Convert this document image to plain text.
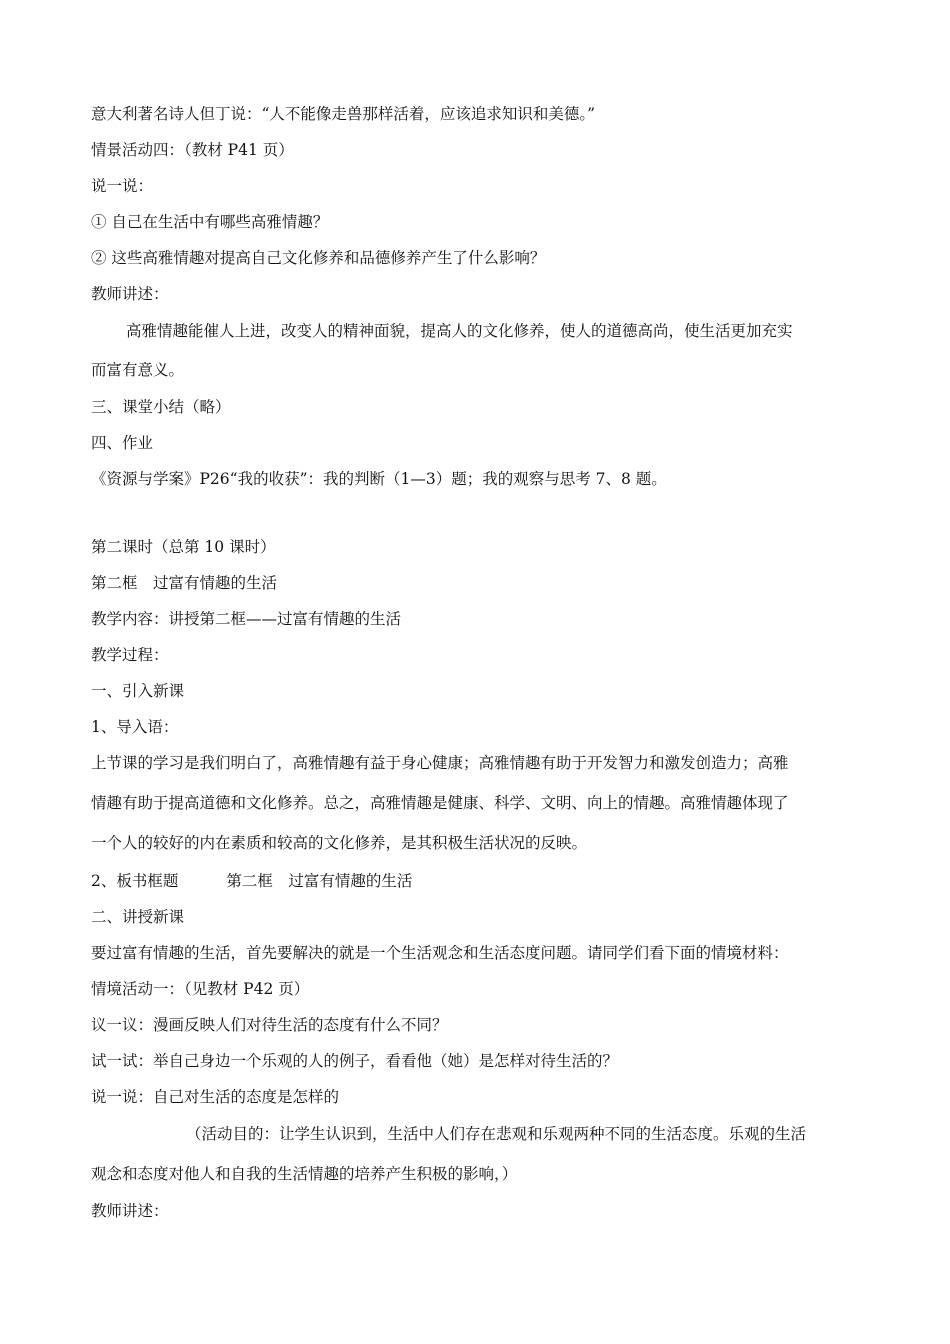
意大利著名诗人但丁说：“人不能像走兽那样活着，应该追求知识和美德。”
情景活动四：（教材 P41 页）
说一说：
① 自己在生活中有哪些高雅情趣？
② 这些高雅情趣对提高自己文化修养和品德修养产生了什么影响？
教师讲述：
高雅情趣能催人上进，改变人的精神面貌，提高人的文化修养，使人的道德高尚，使生活更加充实
而富有意义。
三、课堂小结（略）
四、作业
《资源与学案》P26“我的收获”：我的判断（1—3）题；我的观察与思考 7、8 题。
第二课时（总第 10 课时）
第二框　过富有情趣的生活
教学内容：讲授第二框——过富有情趣的生活
教学过程：
一、引入新课
1、导入语：
上节课的学习是我们明白了，高雅情趣有益于身心健康；高雅情趣有助于开发智力和激发创造力；高雅
情趣有助于提高道德和文化修养。总之，高雅情趣是健康、科学、文明、向上的情趣。高雅情趣体现了
一个人的较好的内在素质和较高的文化修养，是其积极生活状况的反映。
2、板书框题	第二框　过富有情趣的生活
二、讲授新课
要过富有情趣的生活，首先要解决的就是一个生活观念和生活态度问题。请同学们看下面的情境材料：
情境活动一：（见教材 P42 页）
议一议：漫画反映人们对待生活的态度有什么不同？
试一试：举自己身边一个乐观的人的例子，看看他（她）是怎样对待生活的？
说一说：自己对生活的态度是怎样的
（活动目的：让学生认识到，生活中人们存在悲观和乐观两种不同的生活态度。乐观的生活
观念和态度对他人和自我的生活情趣的培养产生积极的影响，）
教师讲述：
